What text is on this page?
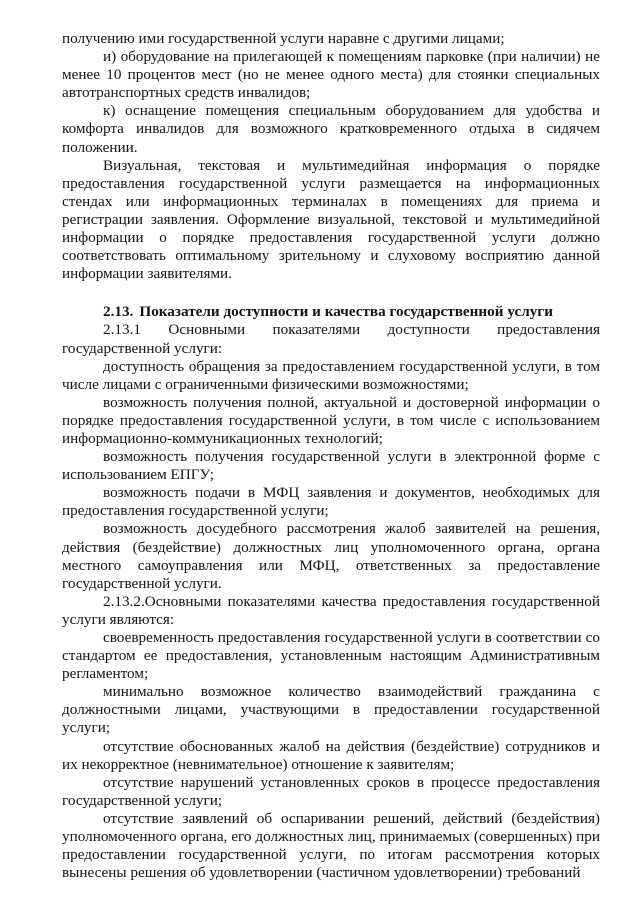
получению ими государственной услуги наравне с другими лицами;

и) оборудование на прилегающей к помещениям парковке (при наличии) не менее 10 процентов мест (но не менее одного места) для стоянки специальных автотранспортных средств инвалидов;

к) оснащение помещения специальным оборудованием для удобства и комфорта инвалидов для возможного кратковременного отдыха в сидячем положении.

Визуальная, текстовая и мультимедийная информация о порядке предоставления государственной услуги размещается на информационных стендах или информационных терминалах в помещениях для приема и регистрации заявления. Оформление визуальной, текстовой и мультимедийной информации о порядке предоставления государственной услуги должно соответствовать оптимальному зрительному и слуховому восприятию данной информации заявителями.

2.13. Показатели доступности и качества государственной услуги

2.13.1 Основными показателями доступности предоставления государственной услуги:

доступность обращения за предоставлением государственной услуги, в том числе лицами с ограниченными физическими возможностями;

возможность получения полной, актуальной и достоверной информации о порядке предоставления государственной услуги, в том числе с использованием информационно-коммуникационных технологий;

возможность получения государственной услуги в электронной форме с использованием ЕПГУ;

возможность подачи в МФЦ заявления и документов, необходимых для предоставления государственной услуги;

возможность досудебного рассмотрения жалоб заявителей на решения, действия (бездействие) должностных лиц уполномоченного органа, органа местного самоуправления или МФЦ, ответственных за предоставление государственной услуги.

2.13.2.Основными показателями качества предоставления государственной услуги являются:

своевременность предоставления государственной услуги в соответствии со стандартом ее предоставления, установленным настоящим Административным регламентом;

минимально возможное количество взаимодействий гражданина с должностными лицами, участвующими в предоставлении государственной услуги;

отсутствие обоснованных жалоб на действия (бездействие) сотрудников и их некорректное (невнимательное) отношение к заявителям;

отсутствие нарушений установленных сроков в процессе предоставления государственной услуги;

отсутствие заявлений об оспаривании решений, действий (бездействия) уполномоченного органа, его должностных лиц, принимаемых (совершенных) при предоставлении государственной услуги, по итогам рассмотрения которых вынесены решения об удовлетворении (частичном удовлетворении) требований
